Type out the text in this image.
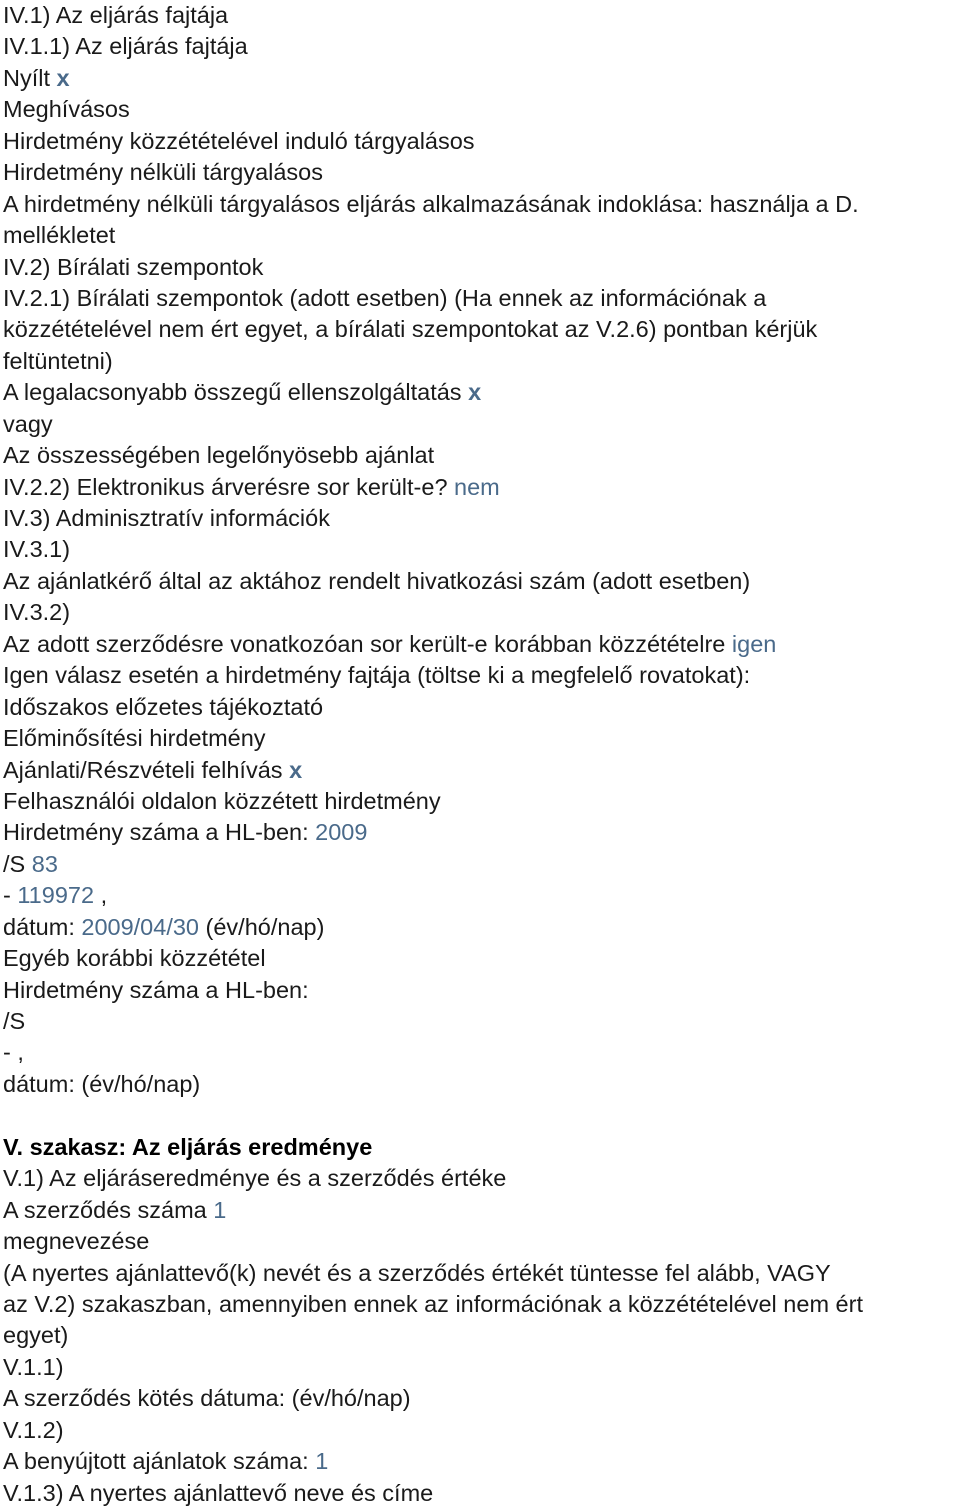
IV.1) Az eljárás fajtája
IV.1.1) Az eljárás fajtája
Nyílt x
Meghívásos
Hirdetmény közzétételével induló tárgyalásos
Hirdetmény nélküli tárgyalásos
A hirdetmény nélküli tárgyalásos eljárás alkalmazásának indoklása: használja a D.
mellékletet
IV.2) Bírálati szempontok
IV.2.1) Bírálati szempontok (adott esetben) (Ha ennek az információnak a
közzétételével nem ért egyet, a bírálati szempontokat az V.2.6) pontban kérjük
feltüntetni)
A legalacsonyabb összegű ellenszolgáltatás x
vagy
Az összességében legelőnyösebb ajánlat
IV.2.2) Elektronikus árverésre sor került-e? nem
IV.3) Adminisztratív információk
IV.3.1)
Az ajánlatkérő által az aktához rendelt hivatkozási szám (adott esetben)
IV.3.2)
Az adott szerződésre vonatkozóan sor került-e korábban közzétételre igen
Igen válasz esetén a hirdetmény fajtája (töltse ki a megfelelő rovatokat):
Időszakos előzetes tájékoztató
Előminősítési hirdetmény
Ajánlati/Részvételi felhívás x
Felhasználói oldalon közzétett hirdetmény
Hirdetmény száma a HL-ben: 2009
/S 83
- 119972 ,
dátum: 2009/04/30 (év/hó/nap)
Egyéb korábbi közzététel
Hirdetmény száma a HL-ben:
/S
- ,
dátum: (év/hó/nap)
V. szakasz: Az eljárás eredménye
V.1) Az eljáráseredménye és a szerződés értéke
A szerződés száma 1
megnevezése
(A nyertes ajánlattevő(k) nevét és a szerződés értékét tüntesse fel alább, VAGY
az V.2) szakaszban, amennyiben ennek az információnak a közzétételével nem ért
egyet)
V.1.1)
A szerződés kötés dátuma: (év/hó/nap)
V.1.2)
A benyújtott ajánlatok száma: 1
V.1.3) A nyertes ajánlattevő neve és címe
